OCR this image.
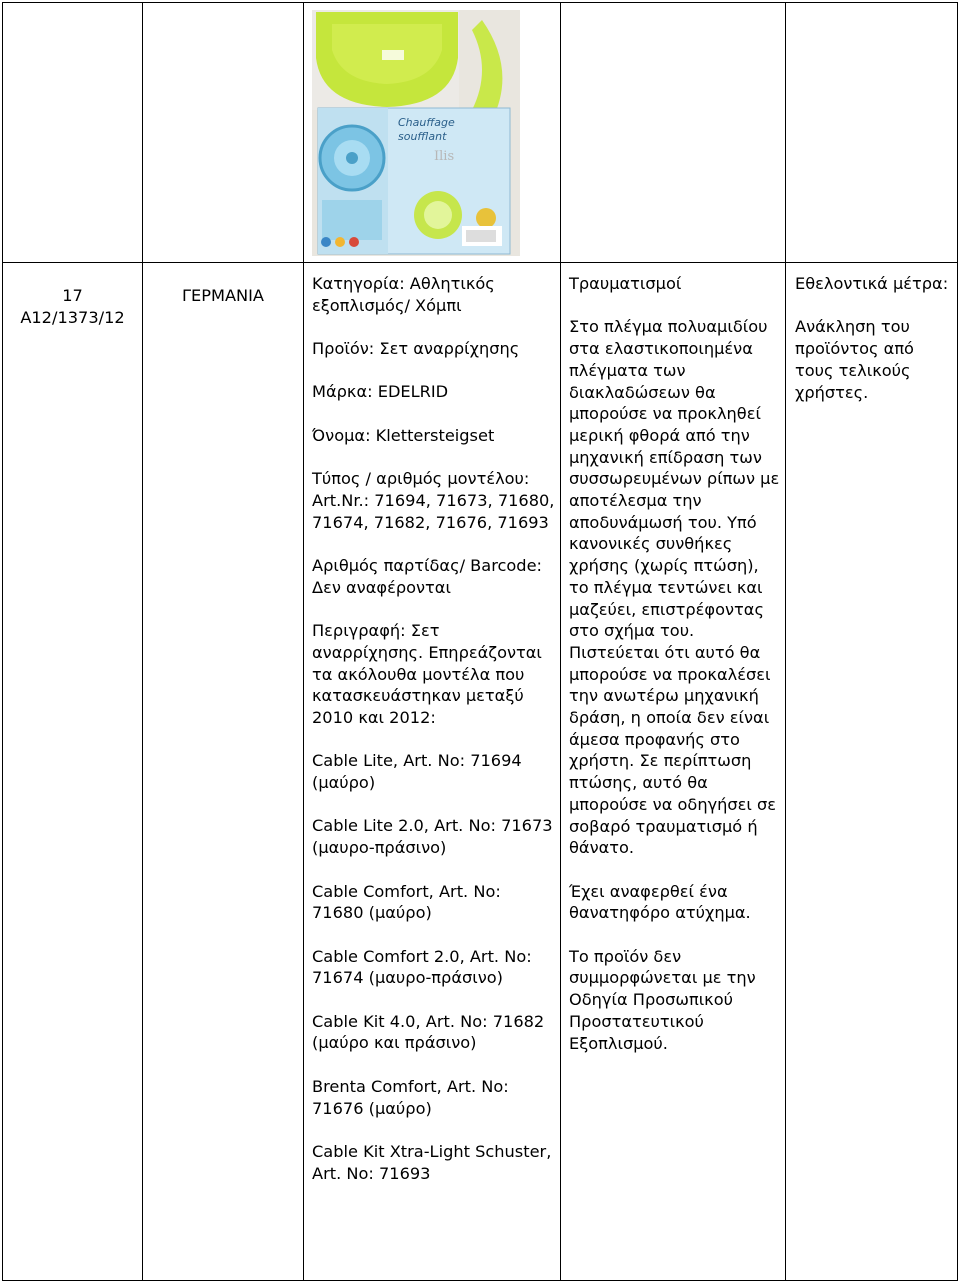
Chauffage
soufflant
Ilis

17

A12/1373/12

ΓΕΡΜΑΝΙΑ

Κατηγορία: Αθλητικός εξοπλισμός/ Χόμπι

Προϊόν: Σετ αναρρίχησης

Μάρκα: EDELRID

Όνομα: Klettersteigset

Τύπος / αριθμός μοντέλου: Art.Nr.: 71694, 71673, 71680, 71674, 71682, 71676, 71693

Αριθμός παρτίδας/ Barcode: Δεν αναφέρονται

Περιγραφή: Σετ αναρρίχησης. Επηρεάζονται τα ακόλουθα μοντέλα που κατασκευάστηκαν μεταξύ 2010 και 2012:

Cable Lite, Art. No: 71694 (μαύρο)

Cable Lite 2.0, Art. No: 71673 (μαυρο-πράσινο)

Cable Comfort, Art. No: 71680 (μαύρο)

Cable Comfort 2.0, Art. No: 71674 (μαυρο-πράσινο)

Cable Kit 4.0, Art. No: 71682 (μαύρο και πράσινο)

Brenta Comfort, Art. No: 71676 (μαύρο)

Cable Kit Xtra-Light Schuster, Art. No: 71693

Τραυματισμοί

Στο πλέγμα πολυαμιδίου στα ελαστικοποιημένα πλέγματα των διακλαδώσεων θα μπορούσε να προκληθεί μερική φθορά από την μηχανική επίδραση των συσσωρευμένων ρίπων με αποτέλεσμα την αποδυνάμωσή του. Υπό κανονικές συνθήκες χρήσης (χωρίς πτώση), το πλέγμα τεντώνει και μαζεύει, επιστρέφοντας στο σχήμα του. Πιστεύεται ότι αυτό θα μπορούσε να προκαλέσει την ανωτέρω μηχανική δράση, η οποία δεν είναι άμεσα προφανής στο χρήστη. Σε περίπτωση πτώσης, αυτό θα μπορούσε να οδηγήσει σε σοβαρό τραυματισμό ή θάνατο.

Έχει αναφερθεί ένα θανατηφόρο ατύχημα.

Το προϊόν δεν συμμορφώνεται με την Οδηγία Προσωπικού Προστατευτικού Εξοπλισμού.

Εθελοντικά μέτρα:

Ανάκληση του προϊόντος από τους τελικούς χρήστες.
